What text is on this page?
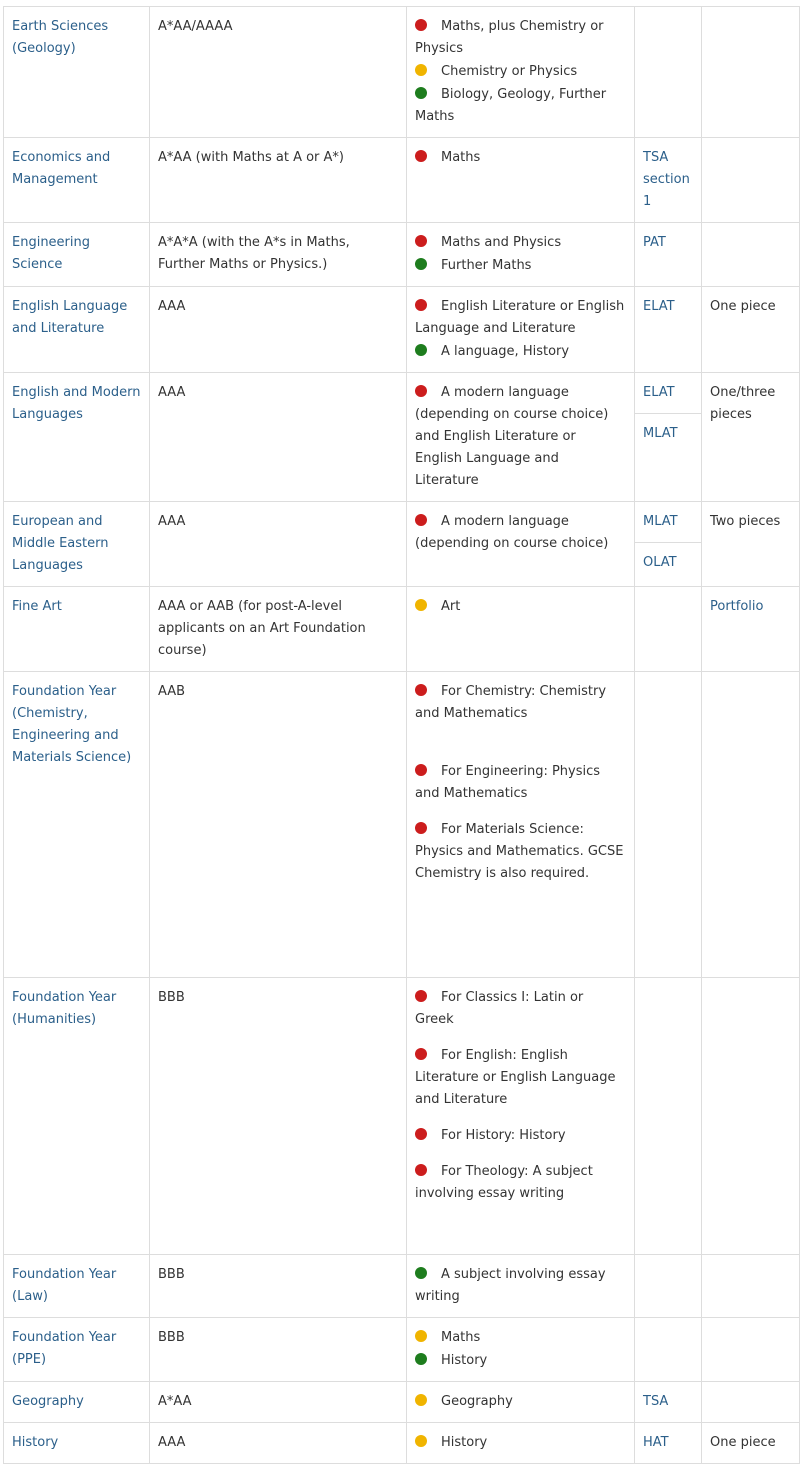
Earth Sciences (Geology)	A*AA/AAAA	Maths, plus Chemistry or Physics

Chemistry or Physics

Biology, Geology, Further Maths		

Economics and Management	A*AA (with Maths at A or A*)	Maths	TSA section 1	
Engineering Science	A*A*A (with the A*s in Maths, Further Maths or Physics.)	Maths and Physics

Further Maths	PAT	
English Language and Literature	AAA	English Literature or English Language and Literature

A language, History	ELAT	One piece
English and Modern Languages	AAA	A modern language (depending on course choice) and English Literature or English Language and Literature	ELAT
MLAT	One/three pieces
European and Middle Eastern Languages	AAA	A modern language (depending on course choice)	MLAT
OLAT	Two pieces
Fine Art	AAA or AAB (for post-A-level applicants on an Art Foundation course)	Art		Portfolio
Foundation Year (Chemistry, Engineering and Materials Science)	AAB	For Chemistry: Chemistry and Mathematics

For Engineering: Physics and Mathematics

For Materials Science: Physics and Mathematics. GCSE Chemistry is also required.		

Foundation Year (Humanities)	BBB	For Classics I: Latin or Greek

For English: English Literature or English Language and Literature

For History: History

For Theology: A subject involving essay writing		

Foundation Year (Law)	BBB	A subject involving essay writing		

Foundation Year (PPE)	BBB	Maths

History		

Geography	A*AA	Geography	TSA	
History	AAA	History	HAT	One piece
